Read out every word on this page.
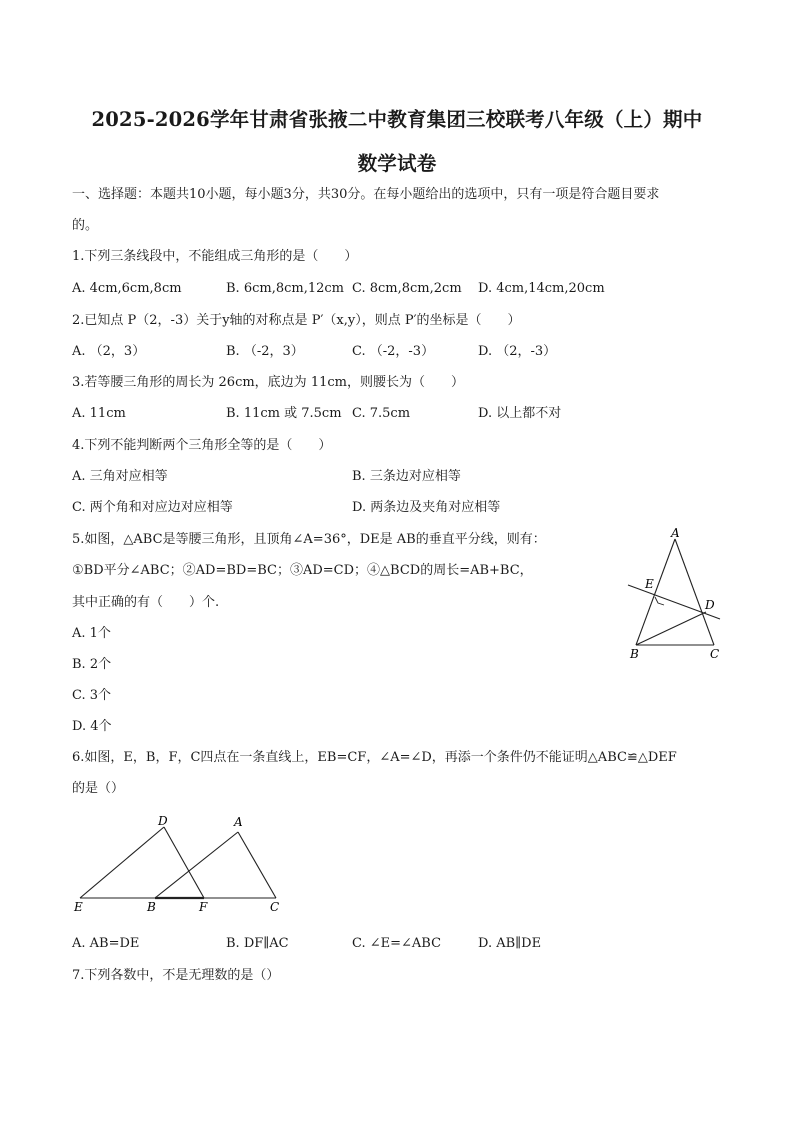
2025-2026学年甘肃省张掖二中教育集团三校联考八年级（上）期中
数学试卷
一、选择题：本题共10小题，每小题3分，共30分。在每小题给出的选项中，只有一项是符合题目要求
的。
1.下列三条线段中，不能组成三角形的是（　　）
A. 4cm,6cm,8cm	B. 6cm,8cm,12cm C. 8cm,8cm,2cm D. 4cm,14cm,20cm
2.已知点 P（2，-3）关于y轴的对称点是 P′（x,y），则点 P′的坐标是（　　）
A. （2，3）	B. （-2，3）	C. （-2，-3）	D. （2，-3）
3.若等腰三角形的周长为 26cm，底边为 11cm，则腰长为（　　）
A. 11cm	B. 11cm 或 7.5cm C. 7.5cm	D. 以上都不对
4.下列不能判断两个三角形全等的是（　　）
A. 三角对应相等	B. 三条边对应相等
C. 两个角和对应边对应相等	D. 两条边及夹角对应相等
5.如图，△ABC是等腰三角形，且顶角∠A=36°，DE是 AB的垂直平分线，则有：
①BD平分∠ABC；②AD=BD=BC；③AD=CD；④△BCD的周长=AB+BC，
其中正确的有（　　）个.
A. 1个
B. 2个
C. 3个
D. 4个
A
E
D
B	C
6.如图，E，B，F，C四点在一条直线上，EB=CF，∠A=∠D，再添一个条件仍不能证明△ABC≌△DEF
的是（）
D	A
E	B	F	C
A. AB=DE	B. DF∥AC	C. ∠E=∠ABC	D. AB∥DE
7.下列各数中，不是无理数的是（）
